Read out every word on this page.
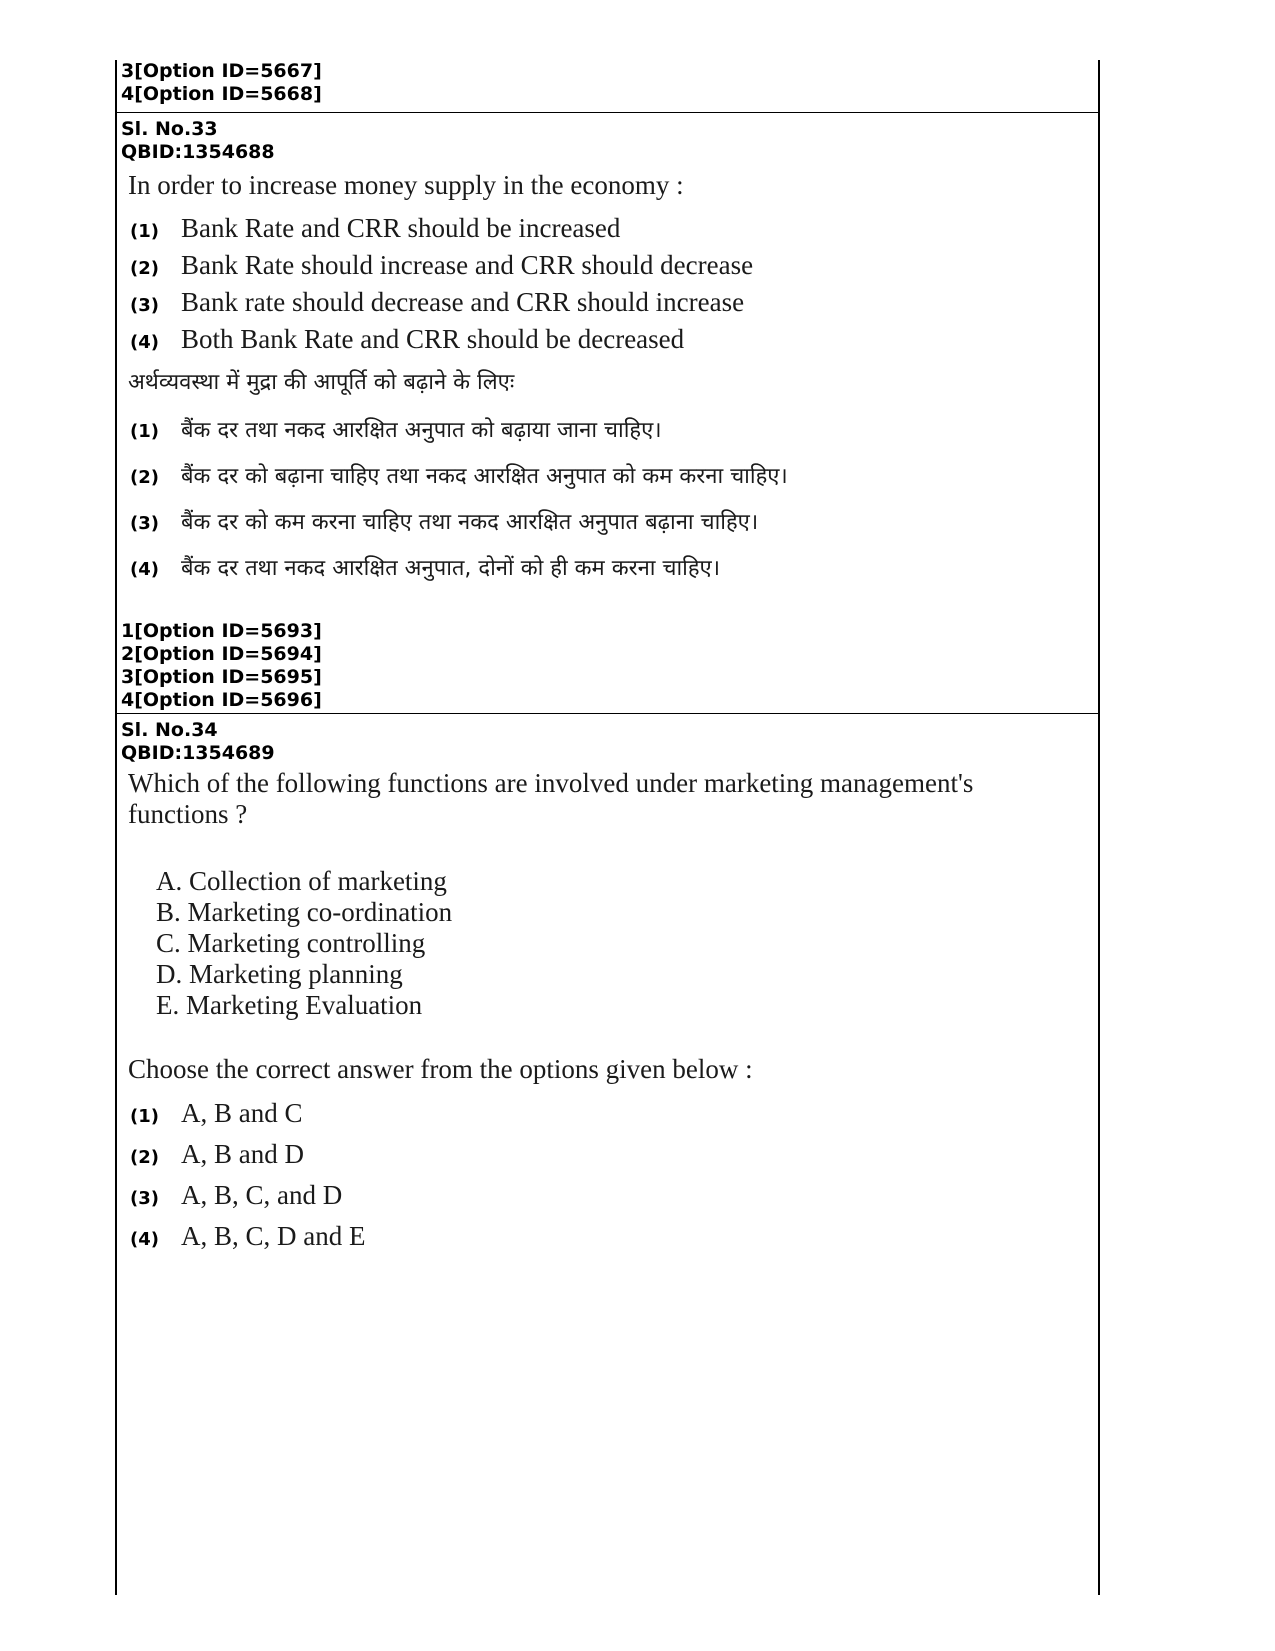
3[Option ID=5667]
4[Option ID=5668]
Sl. No.33
QBID:1354688
In order to increase money supply in the economy :
(1) Bank Rate and CRR should be increased
(2) Bank Rate should increase and CRR should decrease
(3) Bank rate should decrease and CRR should increase
(4) Both Bank Rate and CRR should be decreased
अर्थव्यवस्था में मुद्रा की आपूर्ति को बढ़ाने के लिएः
(1)	बैंक दर तथा नकद आरक्षित अनुपात को बढ़ाया जाना चाहिए।
(2)	बैंक दर को बढ़ाना चाहिए तथा नकद आरक्षित अनुपात को कम करना चाहिए।
(3)	बैंक दर को कम करना चाहिए तथा नकद आरक्षित अनुपात बढ़ाना चाहिए।
(4)	बैंक दर तथा नकद आरक्षित अनुपात, दोनों को ही कम करना चाहिए।
1[Option ID=5693]
2[Option ID=5694]
3[Option ID=5695]
4[Option ID=5696]
Sl. No.34
QBID:1354689
Which of the following functions are involved under marketing management's
functions ?
A. Collection of marketing
B. Marketing co-ordination
C. Marketing controlling
D. Marketing planning
E. Marketing Evaluation
Choose the correct answer from the options given below :
(1) A, B and C
(2) A, B and D
(3) A, B, C, and D
(4) A, B, C, D and E
